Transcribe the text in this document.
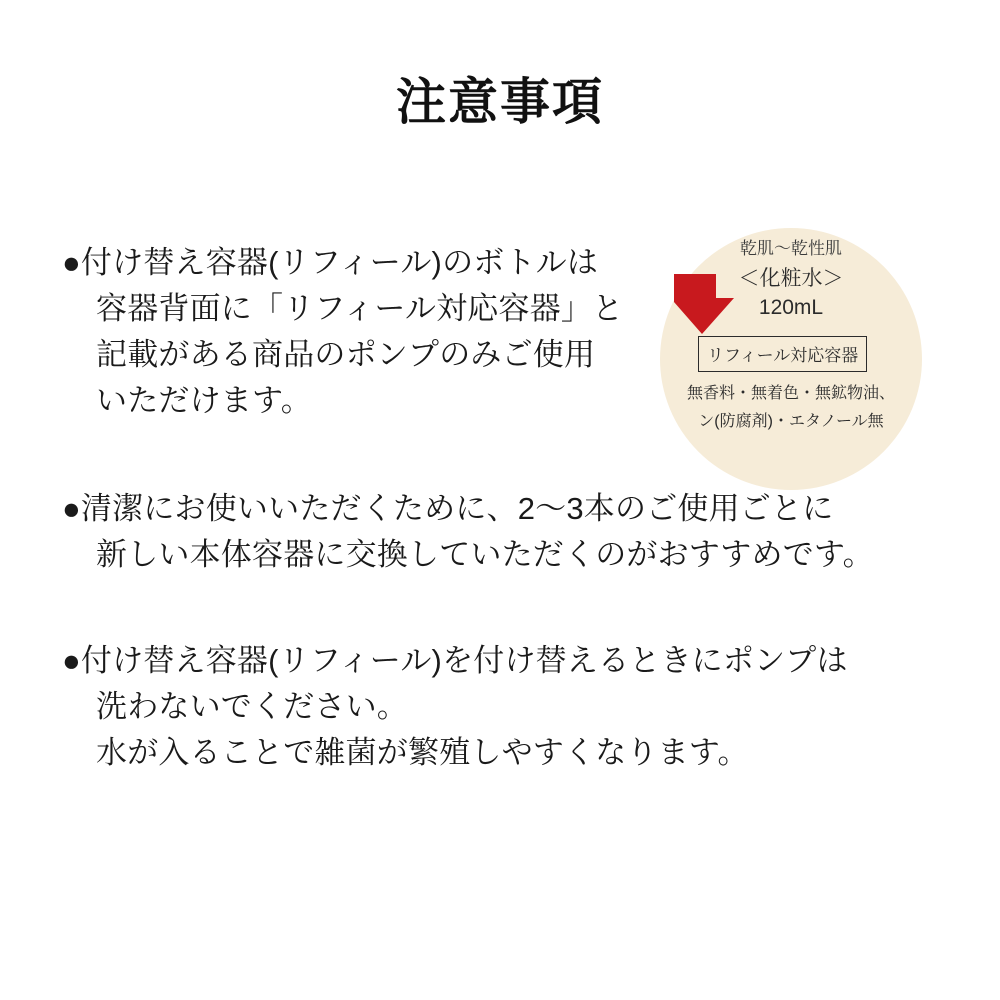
注意事項
●付け替え容器(リフィール)のボトルは
容器背面に「リフィール対応容器」と
記載がある商品のポンプのみご使用
いただけます。
●清潔にお使いいただくために、2〜3本のご使用ごとに
新しい本体容器に交換していただくのがおすすめです。
●付け替え容器(リフィール)を付け替えるときにポンプは
洗わないでください。
水が入ることで雑菌が繁殖しやすくなります。
乾肌〜乾性肌
＜化粧水＞
120mL
リフィール対応容器
無香料・無着色・無鉱物油、
ン(防腐剤)・エタノール無
